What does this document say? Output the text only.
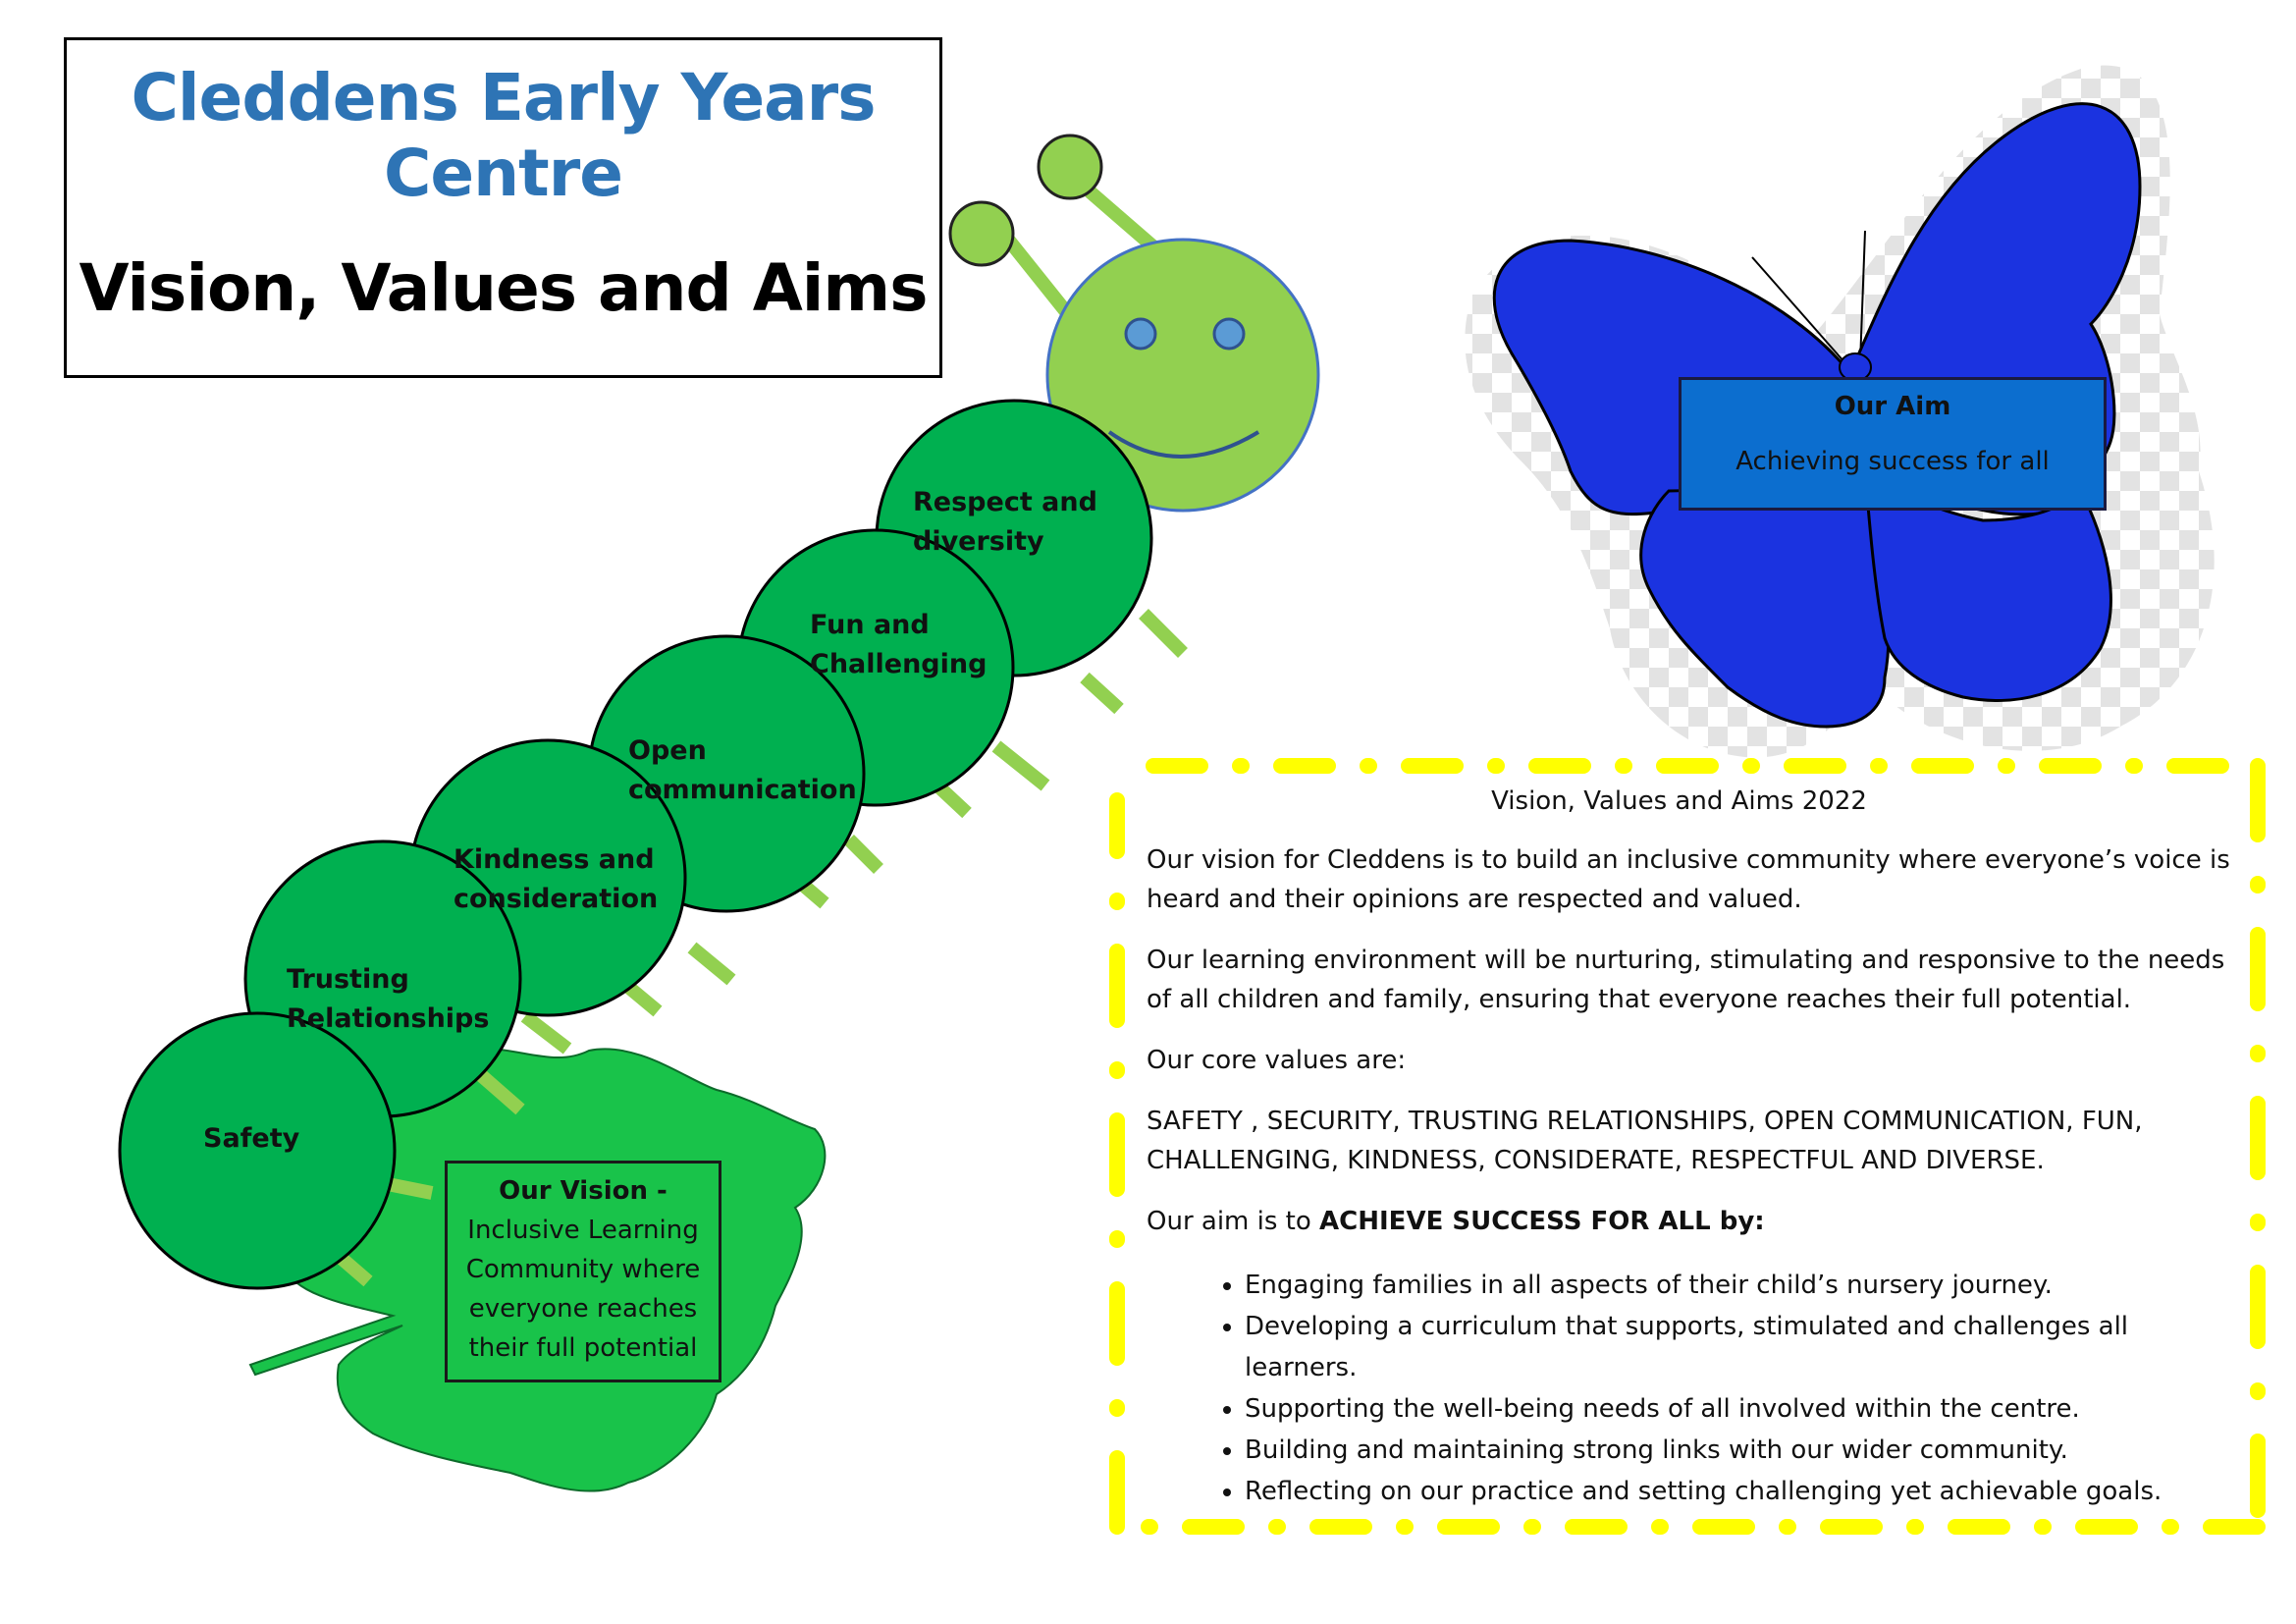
Cleddens Early Years Centre
Vision, Values and Aims
Respect and
diversity
Fun and
Challenging
Open
communication
Kindness and
consideration
Trusting
Relationships
Safety
Our Aim
Achieving success for all
Our Vision -
Inclusive Learning
Community where
everyone reaches
their full potential

Vision, Values and Aims 2022

Our vision for Cleddens is to build an inclusive community where everyone’s voice is heard and their opinions are respected and valued.

Our learning environment will be nurturing, stimulating and responsive to the needs of all children and family, ensuring that everyone reaches their full potential.

Our core values are:

SAFETY , SECURITY, TRUSTING RELATIONSHIPS, OPEN COMMUNICATION, FUN, CHALLENGING, KINDNESS, CONSIDERATE, RESPECTFUL AND DIVERSE.

Our aim is to ACHIEVE SUCCESS FOR ALL by:

• Engaging families in all aspects of their child’s nursery journey.
• Developing a curriculum that supports, stimulated and challenges all learners.
• Supporting the well-being needs of all involved within the centre.
• Building and maintaining strong links with our wider community.
• Reflecting on our practice and setting challenging yet achievable goals.
